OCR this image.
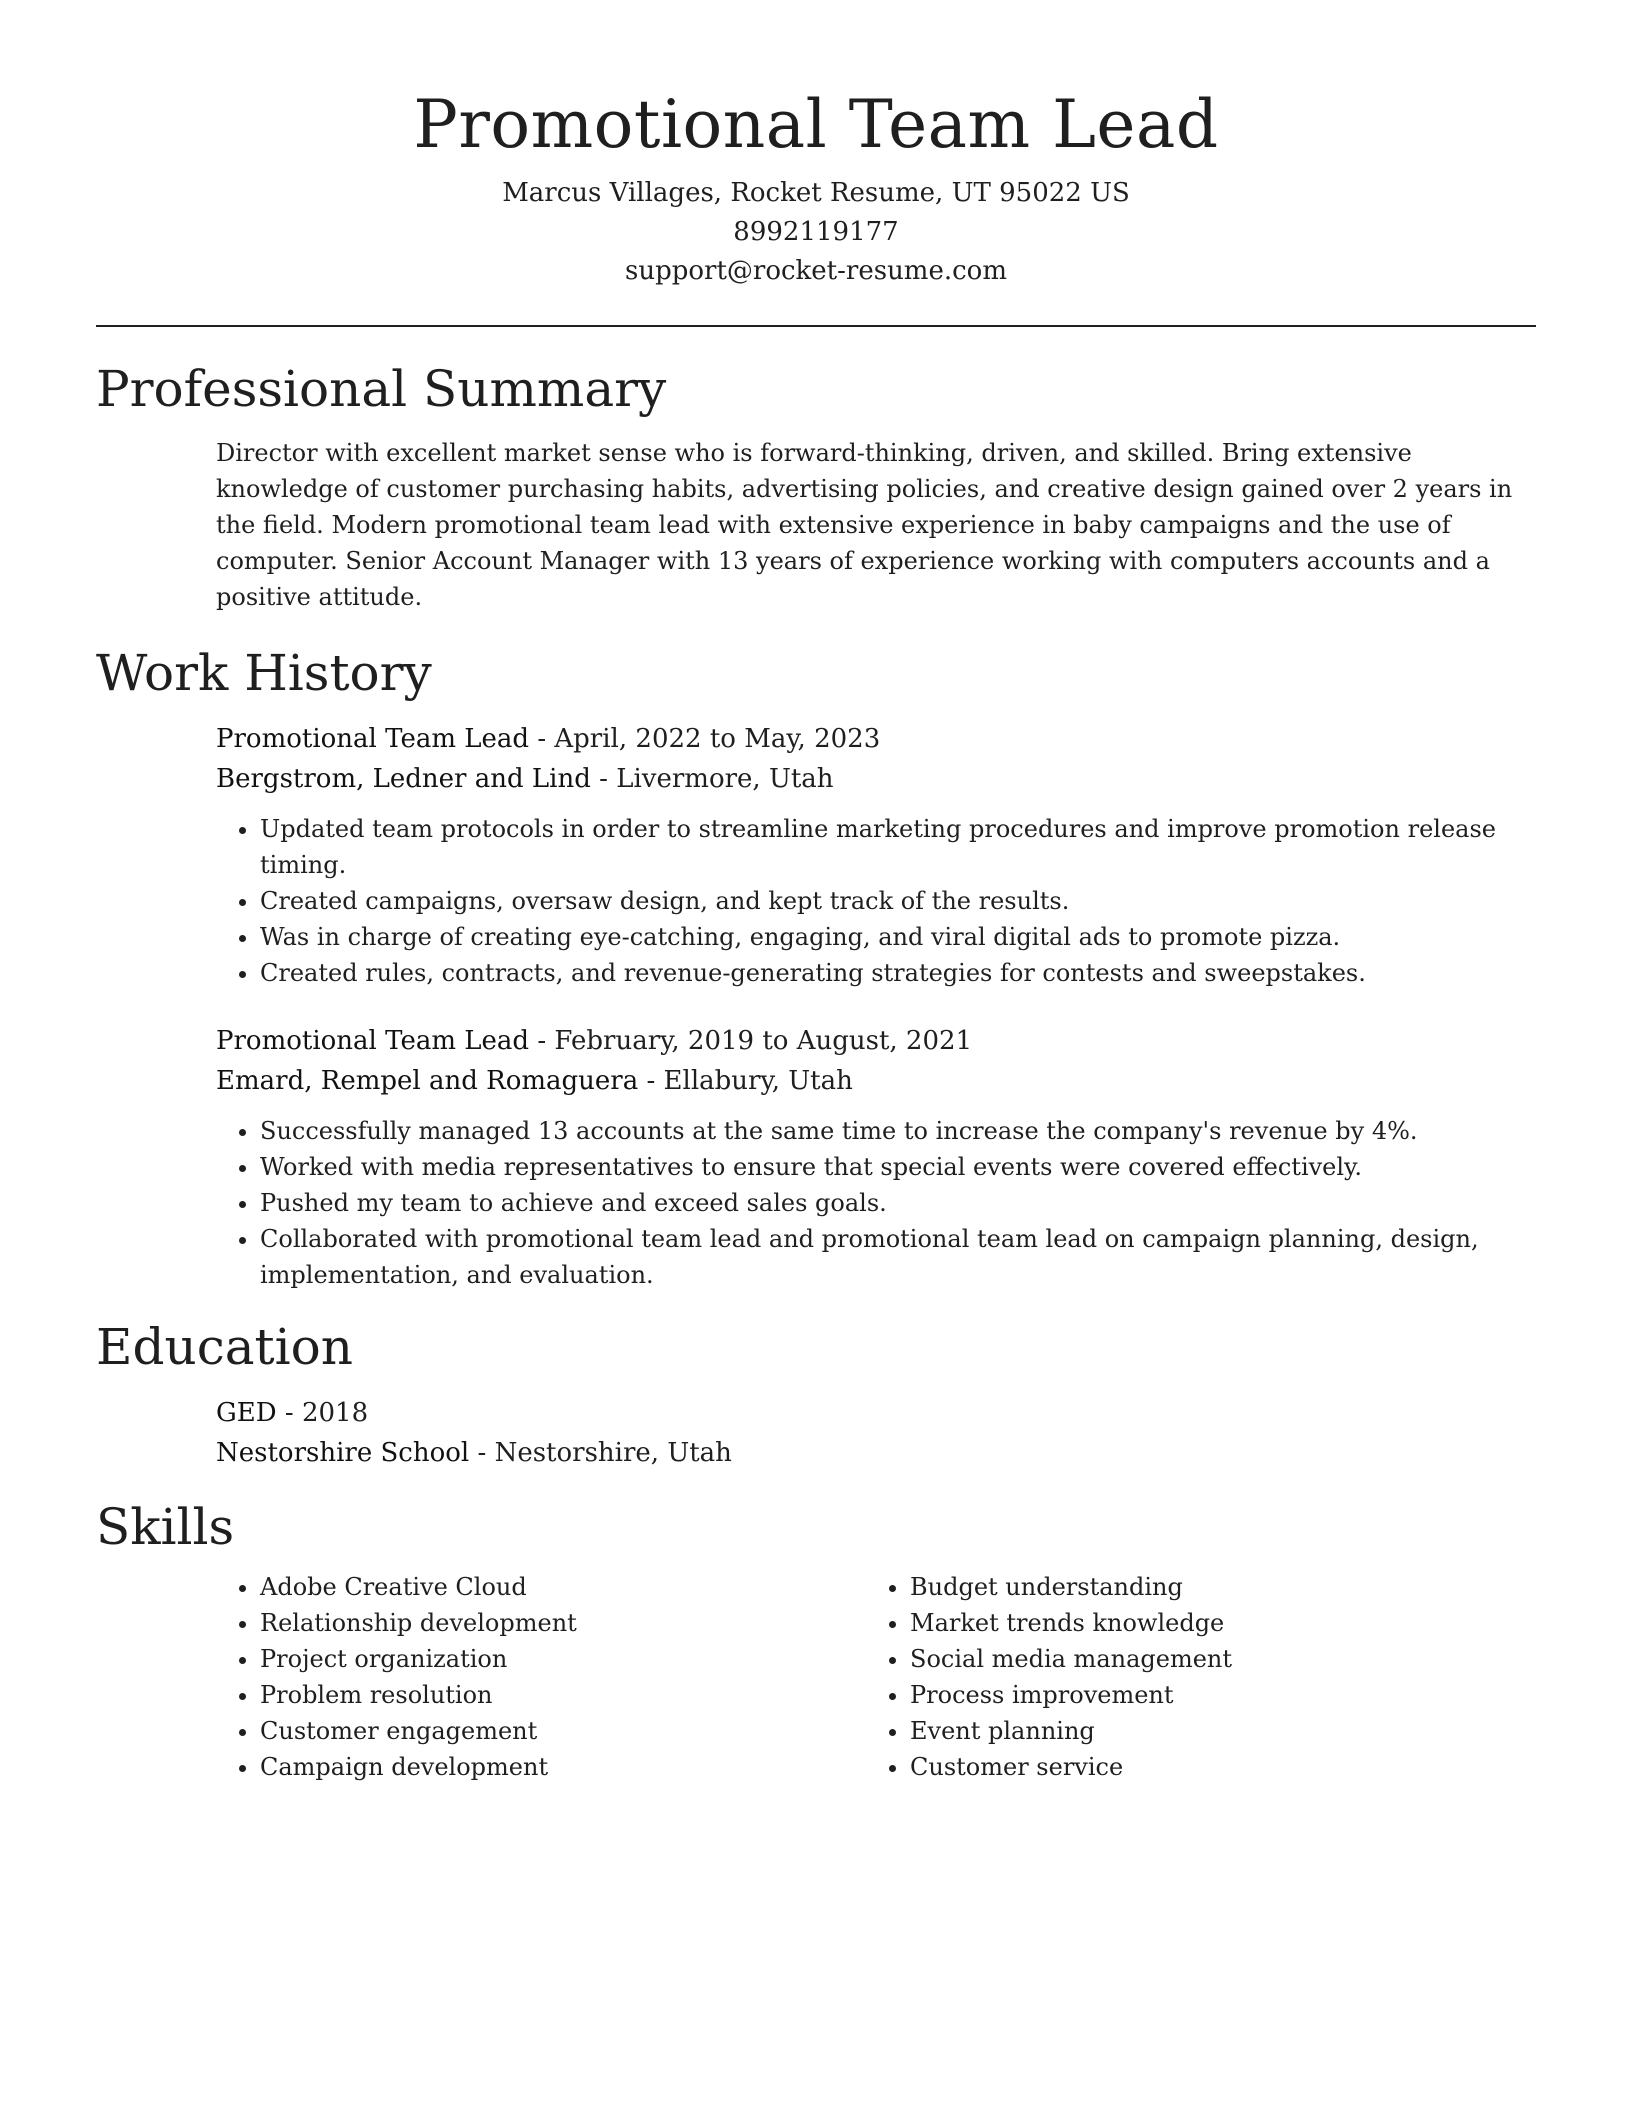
Promotional Team Lead
Marcus Villages, Rocket Resume, UT 95022 US
8992119177
support@rocket-resume.com
Professional Summary

Director with excellent market sense who is forward-thinking, driven, and skilled. Bring extensive knowledge of customer purchasing habits, advertising policies, and creative design gained over 2 years in the field. Modern promotional team lead with extensive experience in baby campaigns and the use of computer. Senior Account Manager with 13 years of experience working with computers accounts and a positive attitude.

Work History
Promotional Team Lead - April, 2022 to May, 2023
Bergstrom, Ledner and Lind - Livermore, Utah
• Updated team protocols in order to streamline marketing procedures and improve promotion release timing.
• Created campaigns, oversaw design, and kept track of the results.
• Was in charge of creating eye-catching, engaging, and viral digital ads to promote pizza.
• Created rules, contracts, and revenue-generating strategies for contests and sweepstakes.
Promotional Team Lead - February, 2019 to August, 2021
Emard, Rempel and Romaguera - Ellabury, Utah
• Successfully managed 13 accounts at the same time to increase the company's revenue by 4%.
• Worked with media representatives to ensure that special events were covered effectively.
• Pushed my team to achieve and exceed sales goals.
• Collaborated with promotional team lead and promotional team lead on campaign planning, design, implementation, and evaluation.
Education
GED - 2018
Nestorshire School - Nestorshire, Utah
Skills
• Adobe Creative Cloud
• Relationship development
• Project organization
• Problem resolution
• Customer engagement
• Campaign development
• Budget understanding
• Market trends knowledge
• Social media management
• Process improvement
• Event planning
• Customer service
